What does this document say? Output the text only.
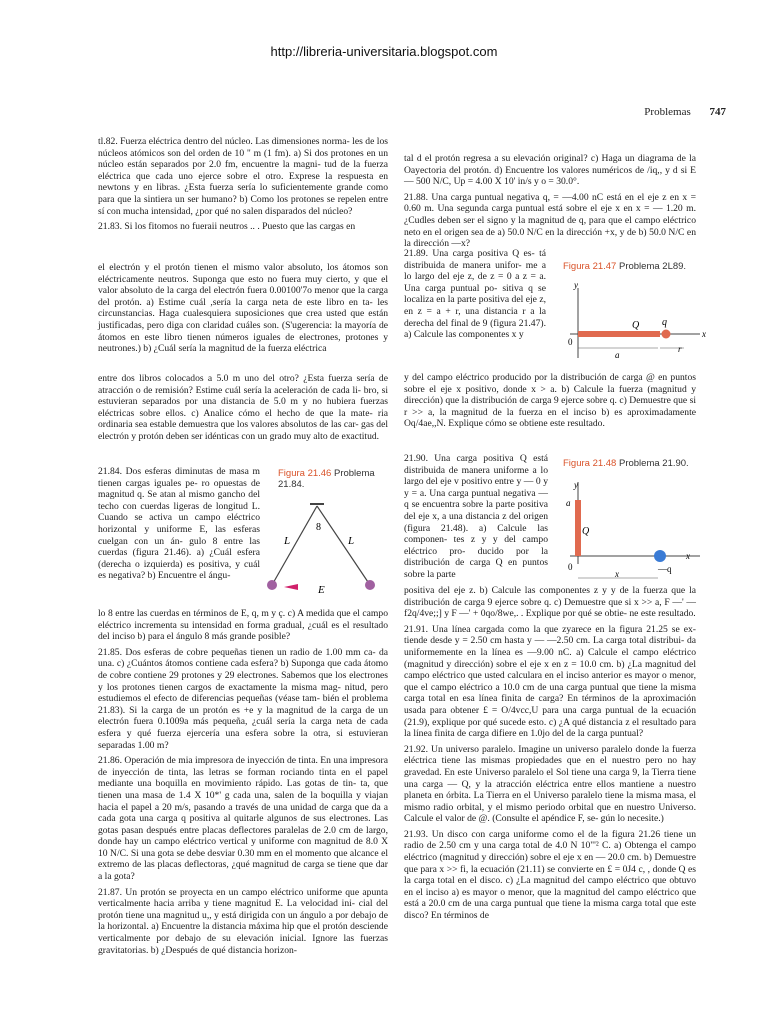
http://libreria-universitaria.blogspot.com
Problemas 747

tl.82. Fuerza eléctrica dentro del núcleo. Las dimensiones norma- les de los núcleos atómicos son del orden de 10 " m (1 fm). a) Si dos protones en un núcleo están separados por 2.0 fm, encuentre la magni- tud de la fuerza eléctrica que cada uno ejerce sobre el otro. Exprese la respuesta en newtons y en libras. ¿Esta fuerza sería lo suficientemente grande como para que la sintiera un ser humano? b) Como los protones se repelen entre sí con mucha intensidad, ¿por qué no salen disparados del núcleo?

21.83. Si los fitomos no fueraii neutros .. . Puesto que las cargas en

el electrón y el protón tienen el mismo valor absoluto, los átomos son eléctricamente neutros. Suponga que esto no fuera muy cierto, y que el valor absoluto de la carga del electrón fuera 0.00100'7o menor que la carga del protón. a) Estime cuál ,sería la carga neta de este libro en ta- les circunstancias. Haga cualesquiera suposiciones que crea usted que están justificadas, pero diga con claridad cuáles son. (S'ugerencia: la mayoría de átomos en este libro tienen números iguales de electrones, protones y neutrones.) b) ¿Cuál sería la magnitud de la fuerza eléctrica

entre dos libros colocados a 5.0 m uno del otro? ¿Esta fuerza sería de atracción o de remisión? Estime cuál sería la aceleración de cada li- bro, si estuvieran separados por una distancia de 5.0 m y no hubiera fuerzas eléctricas sobre ellos. c) Analice cómo el hecho de que la mate- ria ordinaria sea estable demuestra que los valores absolutos de las car- gas del electrón y protón deben ser idénticas con un grado muy alto de exactitud.

21.84. Dos esferas diminutas de masa m tienen cargas iguales pe- ro opuestas de magnitud q. Se atan al mismo gancho del techo con cuerdas ligeras de longitud L. Cuando se activa un campo eléctrico horizontal y uniforme E, las esferas cuelgan con un án- gulo 8 entre las cuerdas (figura 21.46). a) ¿Cuál esfera (derecha o izquierda) es positiva, y cuál es negativa? b) Encuentre el ángu-

lo 8 entre las cuerdas en términos de E, q, m y ç. c) A medida que el campo eléctrico incrementa su intensidad en forma gradual, ¿cuál es el resultado del inciso b) para el ángulo 8 más grande posible?

21.85. Dos esferas de cobre pequeñas tienen un radio de 1.00 mm ca- da una. c) ¿Cuántos átomos contiene cada esfera? b) Suponga que cada átomo de cobre contiene 29 protones y 29 electrones. Sabemos que los electrones y los protones tienen cargos de exactamente la misma mag- nitud, pero estudiemos el efecto de diferencias pequeñas (véase tam- bién el problema 21.83). Si la carga de un protón es +e y la magnitud de la carga de un electrón fuera 0.1009a más pequeña, ¿cuál sería la carga neta de cada esfera y qué fuerza ejercería una esfera sobre la otra, si estuvieran separadas 1.00 m?

21.86. Operación de mia impresora de inyección de tinta. En una impresora de inyección de tinta, las letras se forman rociando tinta en el papel mediante una boquilla en movimiento rápido. Las gotas de tin- ta, que tienen una masa de 1.4 X 10*' g cada una, salen de la boquilla y viajan hacia el papel a 20 m/s, pasando a través de una unidad de carga que da a cada gota una carga q positiva al quitarle algunos de sus electrones. Las gotas pasan después entre placas deflectores paralelas de 2.0 cm de largo, donde hay un campo eléctrico vertical y uniforme con magnitud de 8.0 X 10 N/C. Si una gota se debe desviar 0.30 mm en el momento que alcance el extremo de las placas deflectoras, ¿qué magnitud de carga se tiene que dar a la gota?

21.87. Un protón se proyecta en un campo eléctrico uniforme que apunta verticalmente hacia arriba y tiene magnitud E. La velocidad ini- cial del protón tiene una magnitud u,, y está dirigida con un ángulo a por debajo de la horizontal. a) Encuentre la distancia máxima hip que el protón desciende verticalmente por debajo de su elevación inicial. Ignore las fuerzas gravitatorias. b) ¿Después de qué distancia horizon-

Figura 21.46 Problema 21.84.
8
L	L
E

tal d el protón regresa a su elevación original? c) Haga un diagrama de la Oayectoria del protón. d) Encuentre los valores numéricos de /iq,, y d si E — 500 N/C, Up = 4.00 X 10' in/s y o = 30.0°.

21.88. Una carga puntual negativa q, = —4.00 nC está en el eje z en x = 0.60 m. Una segunda carga puntual está sobre el eje x en x = — 1.20 m. ¿Cudles deben ser el signo y la magnitud de q, para que el campo eléctrico neto en el origen sea de a) 50.0 N/C en la dirección +x, y de b) 50.0 N/C en la dirección —x?

21.89. Una carga positiva Q es- tá distribuida de manera unifor- me a lo largo del eje z, de z = 0 a z = a. Una carga puntual po- sitiva q se localiza en la parte positiva del eje z, en z = a + r, una distancia r a la derecha del final de 9 (figura 21.47). a) Calcule las componentes x y

y del campo eléctrico producido por la distribución de carga @ en puntos sobre el eje x positivo, donde x > a. b) Calcule la fuerza (magnitud y dirección) que la distribución de carga 9 ejerce sobre q. c) Demuestre que si r >> a, la magnitud de la fuerza en el inciso b) es aproximadamente Oq/4ae,,N. Explique cómo se obtiene este resultado.

21.90. Una carga positiva Q está distribuida de manera uniforme a lo largo del eje v positivo entre y — 0 y y = a. Una carga puntual negativa —q se encuentra sobre la parte positiva del eje x, a una distancia z del origen (figura 21.48). a) Calcule las componen- tes z y y del campo eléctrico pro- ducido por la distribución de carga Q en puntos sobre la parte

positiva del eje z. b) Calcule las componentes z y y de la fuerza que la distribución de carga 9 ejerce sobre q. c) Demuestre que si x >> a, F —' — f2q/4ve;;] y F —' + 0qo/8we,. . Explique por qué se obtie- ne este resultado.

21.91. Una línea cargada como la que zyarece en la figura 21.25 se ex- tiende desde y = 2.50 cm hasta y — —2.50 cm. La carga total distribui- da uniformemente en la línea es —9.00 nC. a) Calcule el campo eléctrico (magnitud y dirección) sobre el eje x en z = 10.0 cm. b) ¿La magnitud del campo eléctrico que usted calculara en el inciso anterior es mayor o menor, que el campo eléctrico a 10.0 cm de una carga puntual que tiene la misma carga total en esa línea finita de carga? En términos de la aproximación usada para obtener £ = O/4vcc,U para una carga puntual de la ecuación (21.9), explique por qué sucede esto. c) ¿A qué distancia z el resultado para la línea finita de carga difiere en 1.0jo del de la carga puntual?

21.92. Un universo paralelo. Imagine un universo paralelo donde la fuerza eléctrica tiene las mismas propiedades que en el nuestro pero no hay gravedad. En este Universo paralelo el Sol tiene una carga 9, la Tierra tiene una carga — Q, y la atracción eléctrica entre ellos mantiene a nuestro planeta en órbita. La Tierra en el Universo paralelo tiene la misma masa, el mismo radio orbital, y el mismo periodo orbital que en nuestro Universo. Calcule el valor de @. (Consulte el apéndice F, se- gún lo necesite.)

21.93. Un disco con carga uniforme como el de la figura 21.26 tiene un radio de 2.50 cm y una carga total de 4.0 N 10"'² C. a) Obtenga el campo eléctrico (magnitud y dirección) sobre el eje x en — 20.0 cm. b) Demuestre que para x >> fi, la ecuación (21.11) se convierte en £ = 0J4 c, , donde Q es la carga total en el disco. c) ¿La magnitud del campo eléctrico que obtuvo en el inciso a) es mayor o menor, que la magnitud del campo eléctrico que está a 20.0 cm de una carga puntual que tiene la misma carga total que este disco? En términos de

Figura 21.47 Problema 2L89.
y
x
Q q
0
a
r
Figura 21.48 Problema 21.90.
y
x
Q
a
—q
0
x
